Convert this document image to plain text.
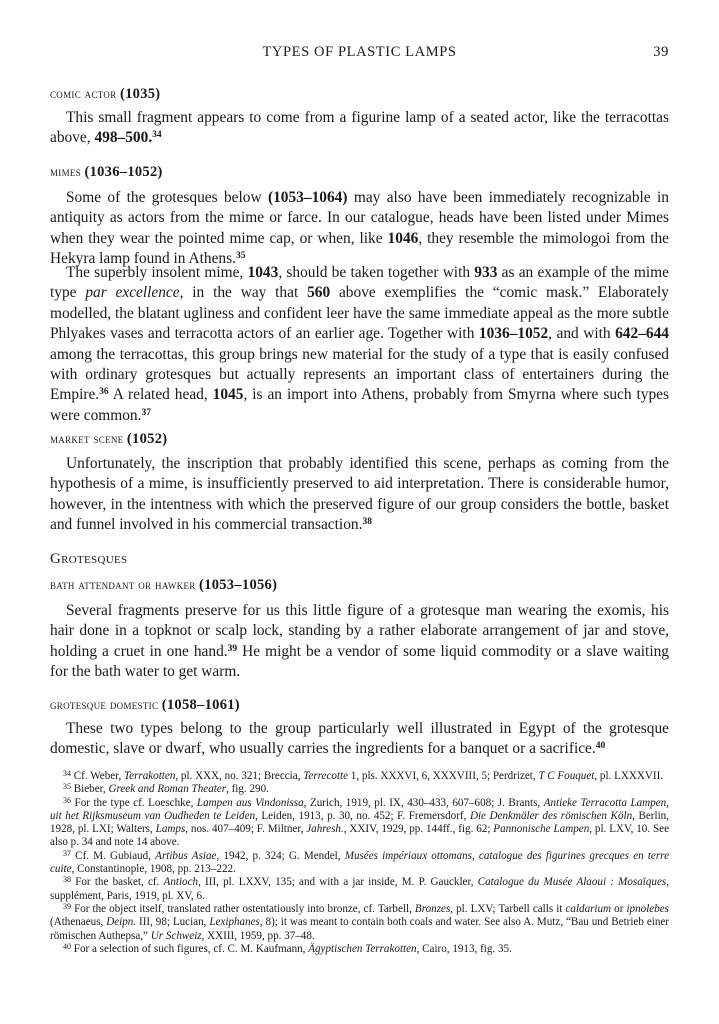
TYPES OF PLASTIC LAMPS	39
comic actor (1035)

This small fragment appears to come from a figurine lamp of a seated actor, like the terracottas above, 498–500.34

mimes (1036–1052)

Some of the grotesques below (1053–1064) may also have been immediately recognizable in antiquity as actors from the mime or farce. In our catalogue, heads have been listed under Mimes when they wear the pointed mime cap, or when, like 1046, they resemble the mimologoi from the Hekyra lamp found in Athens.$^{35}$

The superbly insolent mime, 1043, should be taken together with 933 as an example of the mime type par excellence, in the way that 560 above exemplifies the “comic mask.” Elaborately modelled, the blatant ugliness and confident leer have the same immediate appeal as the more subtle Phlyakes vases and terracotta actors of an earlier age. Together with 1036–1052, and with 642–644 among the terracottas, this group brings new material for the study of a type that is easily confused with ordinary grotesques but actually represents an important class of entertainers during the Empire.$^{36}$ A related head, 1045, is an import into Athens, probably from Smyrna where such types were common.$^{37}$

market scene (1052)

Unfortunately, the inscription that probably identified this scene, perhaps as coming from the hypothesis of a mime, is insufficiently preserved to aid interpretation. There is considerable humor, however, in the intentness with which the preserved figure of our group considers the bottle, basket and funnel involved in his commercial transaction.$^{38}$

Grotesques
bath attendant or hawker (1053–1056)

Several fragments preserve for us this little figure of a grotesque man wearing the exomis, his hair done in a topknot or scalp lock, standing by a rather elaborate arrangement of jar and stove, holding a cruet in one hand.$^{39}$ He might be a vendor of some liquid commodity or a slave waiting for the bath water to get warm.

grotesque domestic (1058–1061)

These two types belong to the group particularly well illustrated in Egypt of the grotesque domestic, slave or dwarf, who usually carries the ingredients for a banquet or a sacrifice.$^{40}$

$^{34}$ Cf. Weber, Terrakotten, pl. XXX, no. 321; Breccia, Terrecotte 1, pls. XXXVI, 6, XXXVIII, 5; Perdrizet, T C Fouquet, pl. LXXXVII.

$^{35}$ Bieber, Greek and Roman Theater, fig. 290.

$^{36}$ For the type cf. Loeschke, Lampen aus Vindonissa, Zurich, 1919, pl. IX, 430–433, 607–608; J. Brants, Antieke Terracotta Lampen, uit het Rijksmuseum van Oudheden te Leiden, Leiden, 1913, p. 30, no. 452; F. Fremersdorf, Die Denkmäler des römischen Köln, Berlin, 1928, pl. LXI; Walters, Lamps, nos. 407–409; F. Miltner, Jahresh., XXIV, 1929, pp. 144ff., fig. 62; Pannonische Lampen, pl. LXV, 10. See also p. 34 and note 14 above.

$^{37}$ Cf. M. Gubiaud, Artibus Asiae, 1942, p. 324; G. Mendel, Musées impériaux ottomans, catalogue des figurines grecques en terre cuite, Constantinople, 1908, pp. 213–222.

$^{38}$ For the basket, cf. Antioch, III, pl. LXXV, 135; and with a jar inside, M. P. Gauckler, Catalogue du Musée Alaoui : Mosaïques, supplément, Paris, 1919, pl. XV, 6.

$^{39}$ For the object itself, translated rather ostentatiously into bronze, cf. Tarbell, Bronzes, pl. LXV; Tarbell calls it caldarium or ipnolebes (Athenaeus, Deipn. III, 98; Lucian, Lexiphanes, 8); it was meant to contain both coals and water. See also A. Mutz, “Bau und Betrieb einer römischen Authepsa,” Ur Schweiz, XXIII, 1959, pp. 37–48.

$^{40}$ For a selection of such figures, cf. C. M. Kaufmann, Ägyptischen Terrakotten, Cairo, 1913, fig. 35.
